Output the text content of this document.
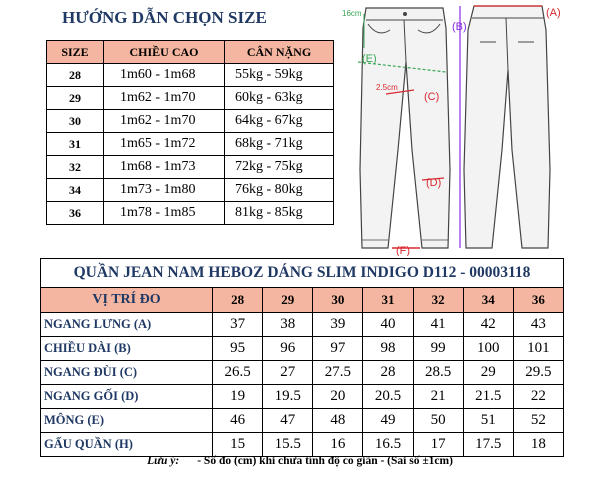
HƯỚNG DẪN CHỌN SIZE
SIZE	CHIỀU CAO	CÂN NẶNG
28	1m60 - 1m68	55kg - 59kg
29	1m62 - 1m70	60kg - 63kg
30	1m62 - 1m70	64kg - 67kg
31	1m65 - 1m72	68kg - 71kg
32	1m68 - 1m73	72kg - 75kg
34	1m73 - 1m80	76kg - 80kg
36	1m78 - 1m85	81kg - 85kg
16cm
(E)
2.5cm
(C)
(D)
(F)
(B)
(A)
QUẦN JEAN NAM HEBOZ DÁNG SLIM INDIGO D112 - 00003118							
VỊ TRÍ ĐO	28	29	30	31	32	34	36
NGANG LƯNG (A)	37	38	39	40	41	42	43
CHIỀU DÀI (B)	95	96	97	98	99	100	101
NGANG ĐÙI (C)	26.5	27	27.5	28	28.5	29	29.5
NGANG GỐI (D)	19	19.5	20	20.5	21	21.5	22
MÔNG (E)	46	47	48	49	50	51	52
GẤU QUẦN (H)	15	15.5	16	16.5	17	17.5	18
Lưu ý: - Số đo (cm) khi chưa tính độ co giãn - (Sai số ±1cm)
